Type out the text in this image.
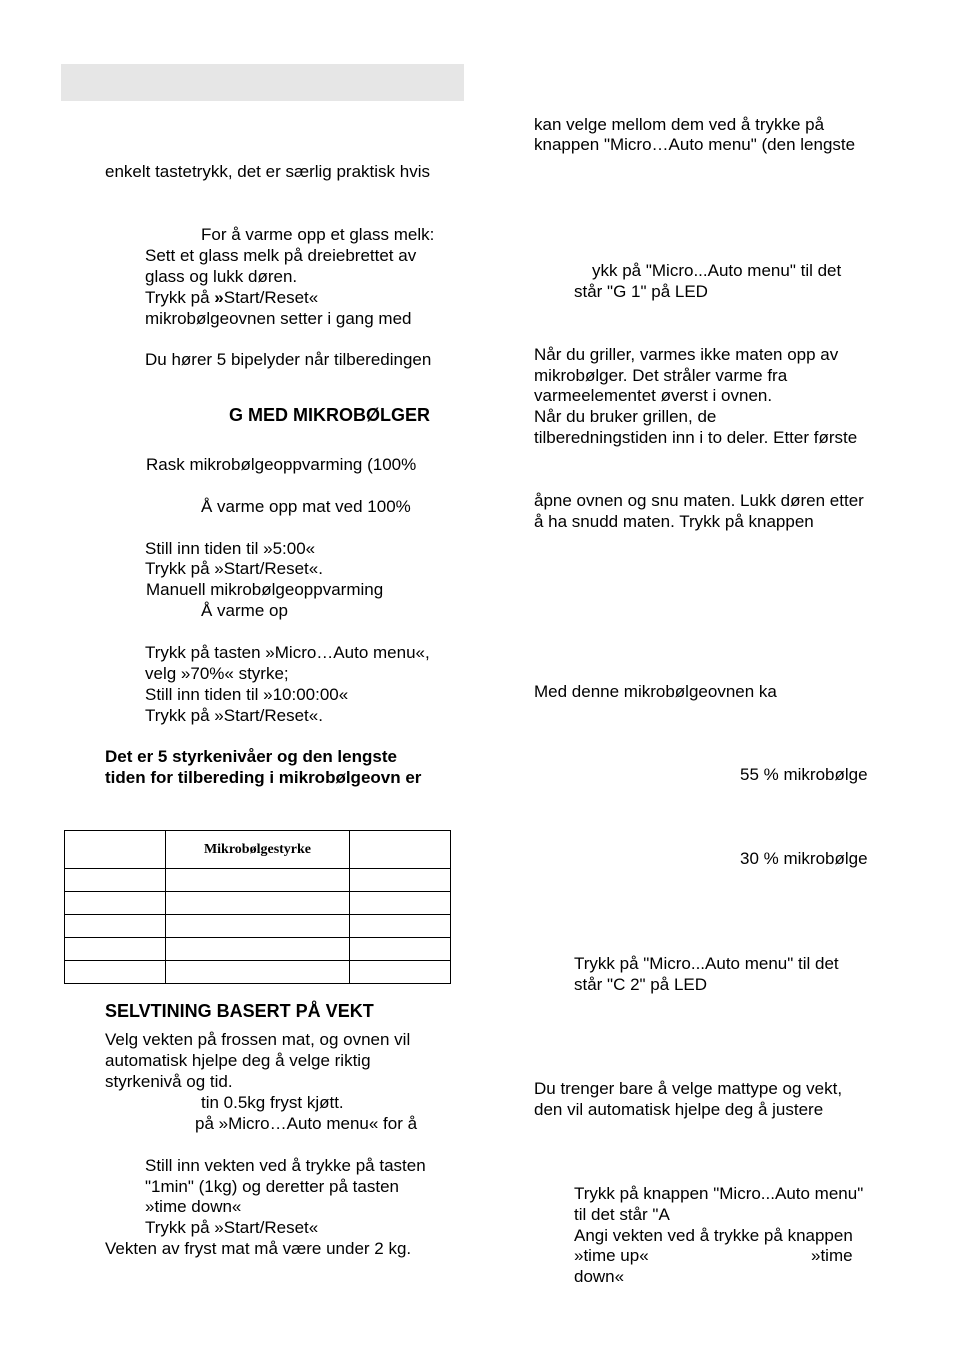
enkelt tastetrykk, det er særlig praktisk hvis
For å varme opp et glass melk:
Sett et glass melk på dreiebrettet av
glass og lukk døren.
Trykk på »Start/Reset«
mikrobølgeovnen setter i gang med
Du hører 5 bipelyder når tilberedingen
G MED MIKROBØLGER
Rask mikrobølgeoppvarming (100%
Å varme opp mat ved 100%
Still inn tiden til »5:00«
Trykk på »Start/Reset«.
Manuell mikrobølgeoppvarming
Å varme op
Trykk på tasten »Micro…Auto menu«,
velg »70%« styrke;
Still inn tiden til »10:00:00«
Trykk på »Start/Reset«.
Det er 5 styrkenivåer og den lengste
tiden for tilbereding i mikrobølgeovn er
	Mikrobølgestyrke	

SELVTINING BASERT PÅ VEKT
Velg vekten på frossen mat, og ovnen vil
automatisk hjelpe deg å velge riktig
styrkenivå og tid.
tin 0.5kg fryst kjøtt.
på »Micro…Auto menu« for å
Still inn vekten ved å trykke på tasten
"1min" (1kg) og deretter på tasten
»time down«
Trykk på »Start/Reset«
Vekten av fryst mat må være under 2 kg.
kan velge mellom dem ved å trykke på
knappen "Micro…Auto menu" (den lengste
ykk på "Micro...Auto menu" til det
står "G 1" på LED
Når du griller, varmes ikke maten opp av
mikrobølger. Det stråler varme fra
varmeelementet øverst i ovnen.
Når du bruker grillen, de
tilberedningstiden inn i to deler. Etter første
åpne ovnen og snu maten. Lukk døren etter
å ha snudd maten. Trykk på knappen
Med denne mikrobølgeovnen ka
55 % mikrobølge
30 % mikrobølge
Trykk på "Micro...Auto menu" til det
står "C 2" på LED
Du trenger bare å velge mattype og vekt,
den vil automatisk hjelpe deg å justere
Trykk på knappen "Micro...Auto menu"
til det står "A
Angi vekten ved å trykke på knappen
»time up«	»time
down«
